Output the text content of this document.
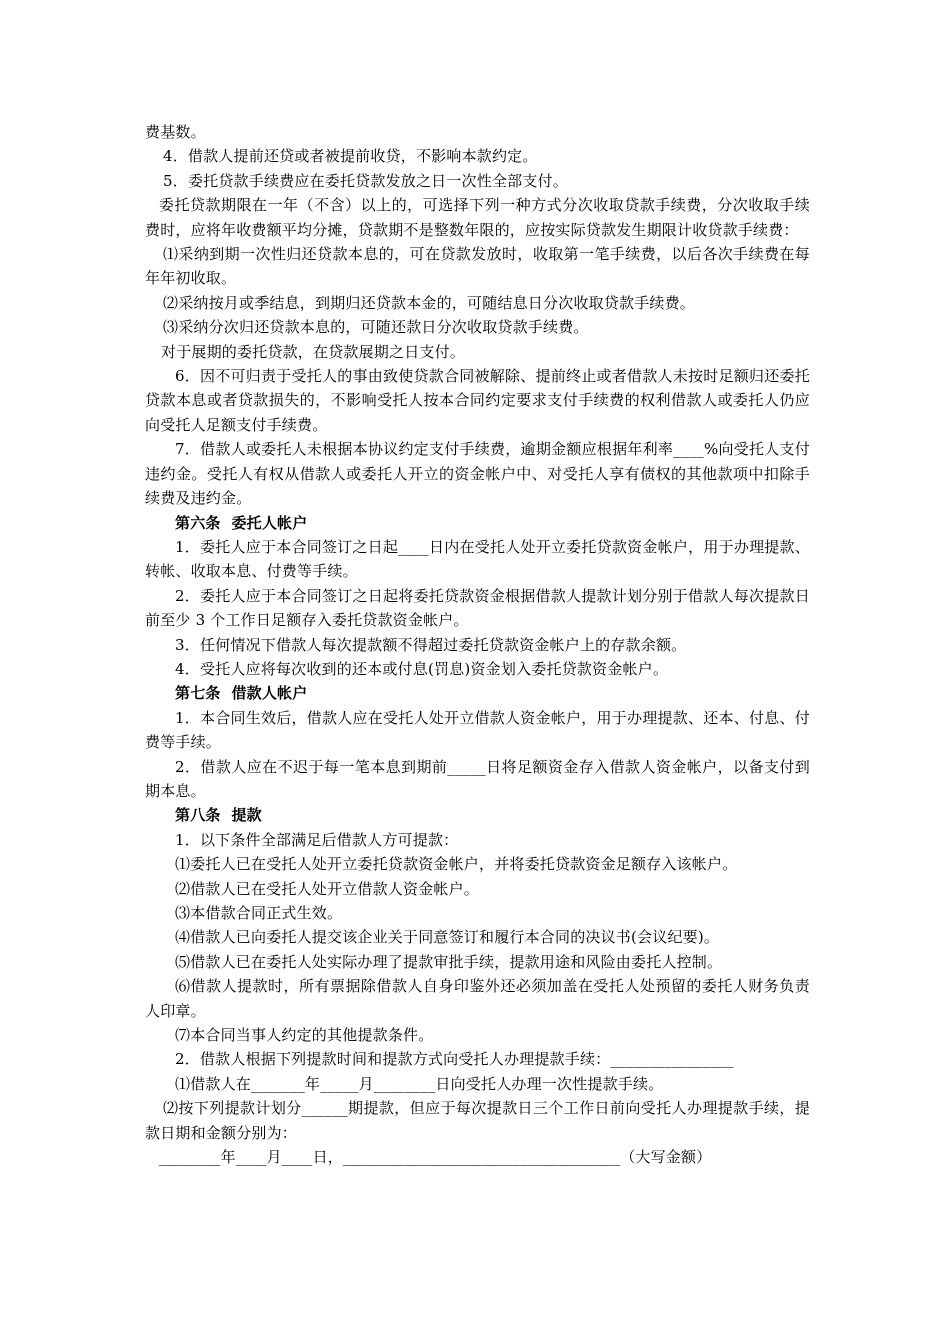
费基数。

4．借款人提前还贷或者被提前收贷，不影响本款约定。

5．委托贷款手续费应在委托贷款发放之日一次性全部支付。

委托贷款期限在一年（不含）以上的，可选择下列一种方式分次收取贷款手续费，分次收取手续费时，应将年收费额平均分摊，贷款期不是整数年限的，应按实际贷款发生期限计收贷款手续费：

⑴采纳到期一次性归还贷款本息的，可在贷款发放时，收取第一笔手续费，以后各次手续费在每年年初收取。

⑵采纳按月或季结息，到期归还贷款本金的，可随结息日分次收取贷款手续费。

⑶采纳分次归还贷款本息的，可随还款日分次收取贷款手续费。

对于展期的委托贷款，在贷款展期之日支付。

6．因不可归责于受托人的事由致使贷款合同被解除、提前终止或者借款人未按时足额归还委托贷款本息或者贷款损失的，不影响受托人按本合同约定要求支付手续费的权利借款人或委托人仍应向受托人足额支付手续费。

7．借款人或委托人未根据本协议约定支付手续费，逾期金额应根据年利率____%向受托人支付违约金。受托人有权从借款人或委托人开立的资金帐户中、对受托人享有债权的其他款项中扣除手续费及违约金。

第六条  委托人帐户

1．委托人应于本合同签订之日起____日内在受托人处开立委托贷款资金帐户，用于办理提款、转帐、收取本息、付费等手续。

2．委托人应于本合同签订之日起将委托贷款资金根据借款人提款计划分别于借款人每次提款日前至少 3 个工作日足额存入委托贷款资金帐户。

3．任何情况下借款人每次提款额不得超过委托贷款资金帐户上的存款余额。

4．受托人应将每次收到的还本或付息(罚息)资金划入委托贷款资金帐户。

第七条  借款人帐户

1．本合同生效后，借款人应在受托人处开立借款人资金帐户，用于办理提款、还本、付息、付费等手续。

2．借款人应在不迟于每一笔本息到期前_____日将足额资金存入借款人资金帐户，以备支付到期本息。

第八条  提款

1．以下条件全部满足后借款人方可提款：

⑴委托人已在受托人处开立委托贷款资金帐户，并将委托贷款资金足额存入该帐户。

⑵借款人已在受托人处开立借款人资金帐户。

⑶本借款合同正式生效。

⑷借款人已向委托人提交该企业关于同意签订和履行本合同的决议书(会议纪要)。

⑸借款人已在委托人处实际办理了提款审批手续，提款用途和风险由委托人控制。

⑹借款人提款时，所有票据除借款人自身印鉴外还必须加盖在受托人处预留的委托人财务负责人印章。

⑺本合同当事人约定的其他提款条件。

2．借款人根据下列提款时间和提款方式向受托人办理提款手续：________________

⑴借款人在_______年_____月________日向受托人办理一次性提款手续。

⑵按下列提款计划分______期提款，但应于每次提款日三个工作日前向受托人办理提款手续，提款日期和金额分别为：

________年____月____日，____________________________________（大写金额）
